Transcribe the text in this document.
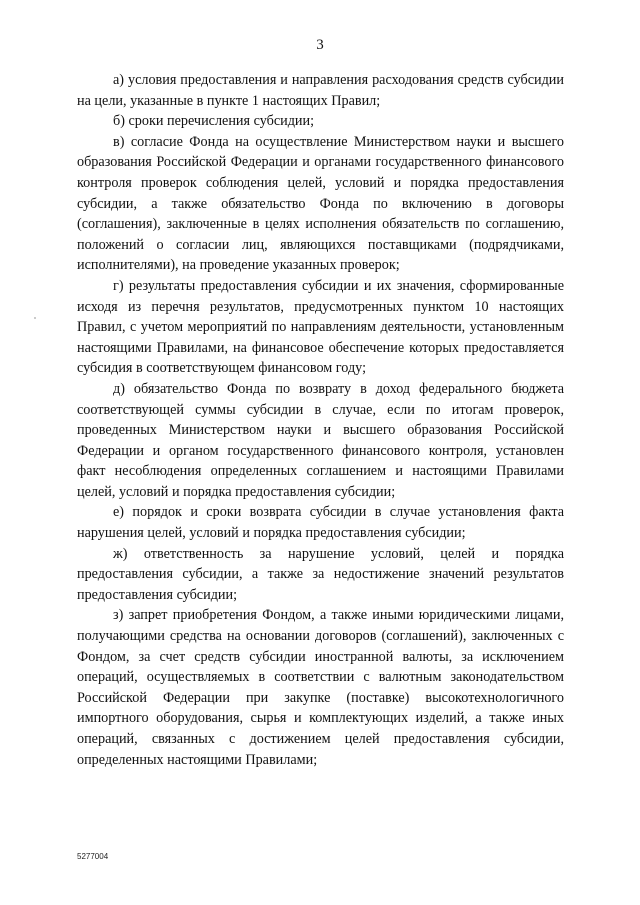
3

а) условия предоставления и направления расходования средств субсидии на цели, указанные в пункте 1 настоящих Правил;

б) сроки перечисления субсидии;

в) согласие Фонда на осуществление Министерством науки и высшего образования Российской Федерации и органами государственного финансового контроля проверок соблюдения целей, условий и порядка предоставления субсидии, а также обязательство Фонда по включению в договоры (соглашения), заключенные в целях исполнения обязательств по соглашению, положений о согласии лиц, являющихся поставщиками (подрядчиками, исполнителями), на проведение указанных проверок;

г) результаты предоставления субсидии и их значения, сформированные исходя из перечня результатов, предусмотренных пунктом 10 настоящих Правил, с учетом мероприятий по направлениям деятельности, установленным настоящими Правилами, на финансовое обеспечение которых предоставляется субсидия в соответствующем финансовом году;

д) обязательство Фонда по возврату в доход федерального бюджета соответствующей суммы субсидии в случае, если по итогам проверок, проведенных Министерством науки и высшего образования Российской Федерации и органом государственного финансового контроля, установлен факт несоблюдения определенных соглашением и настоящими Правилами целей, условий и порядка предоставления субсидии;

е) порядок и сроки возврата субсидии в случае установления факта нарушения целей, условий и порядка предоставления субсидии;

ж) ответственность за нарушение условий, целей и порядка предоставления субсидии, а также за недостижение значений результатов предоставления субсидии;

з) запрет приобретения Фондом, а также иными юридическими лицами, получающими средства на основании договоров (соглашений), заключенных с Фондом, за счет средств субсидии иностранной валюты, за исключением операций, осуществляемых в соответствии с валютным законодательством Российской Федерации при закупке (поставке) высокотехнологичного импортного оборудования, сырья и комплектующих изделий, а также иных операций, связанных с достижением целей предоставления субсидии, определенных настоящими Правилами;

5277004
